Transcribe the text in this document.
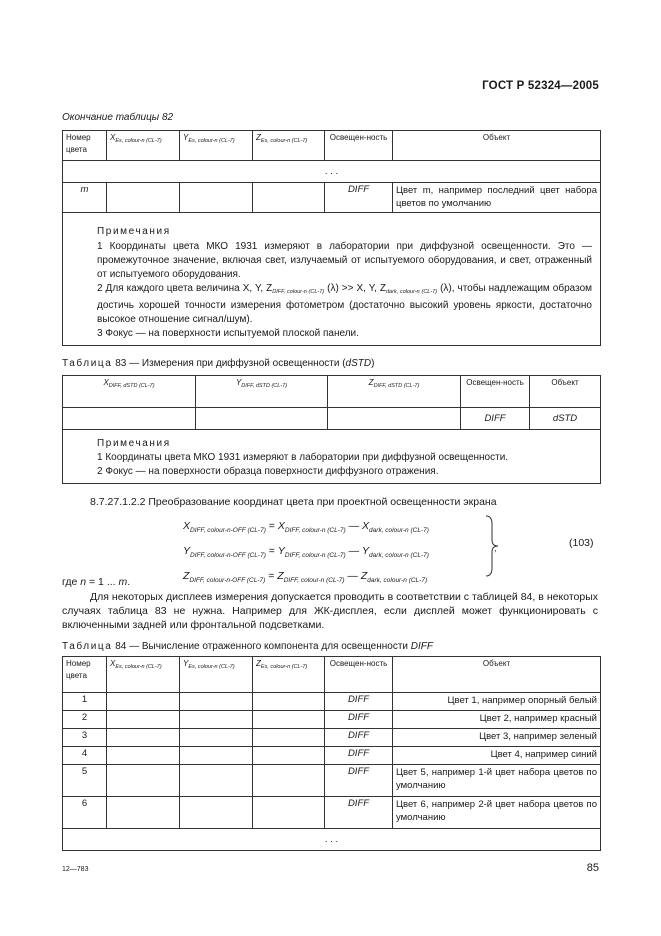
ГОСТ Р 52324—2005
Окончание таблицы 82
Номер цвета	$X_{Es, colour-n (CL-7)}$	$Y_{Es, colour-n (CL-7)}$	$Z_{Es, colour-n (CL-7)}$	Освещен-ность	Объект
. . .					
m				DIFF	Цвет m, например последний цвет набора цветов по умолчанию

Примечания

1 Координаты цвета МКО 1931 измеряют в лаборатории при диффузной освещенности. Это — промежуточное значение, включая свет, излучаемый от испытуемого оборудования, и свет, отраженный от испытуемого оборудования.

2 Для каждого цвета величина X, Y, $Z_{DIFF, colour-n (CL-7)}$ (λ) >> X, Y, $Z_{dark, colour-n (CL-7)}$ (λ), чтобы надлежащим образом достичь хорошей точности измерения фотометром (достаточно высокий уровень яркости, достаточно высокое отношение сигнал/шум).

3 Фокус — на поверхности испытуемой плоской панели.					

Таблица 83 — Измерения при диффузной освещенности (dSTD)
$X_{DIFF, dSTD (CL-7)}$	$Y_{DIFF, dSTD (CL-7)}$	$Z_{DIFF, dSTD (CL-7)}$	Освещен-ность	Объект
			DIFF	dSTD

Примечания

1 Координаты цвета МКО 1931 измеряют в лаборатории при диффузной освещенности.

2 Фокус — на поверхности образца поверхности диффузного отражения.				

8.7.27.1.2.2 Преобразование координат цвета при проектной освещенности экрана
$X_{DIFF, colour-n-OFF (CL-7)} = X_{DIFF, colour-n (CL-7)}$ — $X_{dark, colour-n (CL-7)}$
$Y_{DIFF, colour-n-OFF (CL-7)} = Y_{DIFF, colour-n (CL-7)}$ — $Y_{dark, colour-n (CL-7)}$
$Z_{DIFF, colour-n-OFF (CL-7)} = Z_{DIFF, colour-n (CL-7)}$ — $Z_{dark, colour-n (CL-7)}$
,	(103)
где n = 1 ... m.
Для некоторых дисплеев измерения допускается проводить в соответствии с таблицей 84, в некоторых случаях таблица 83 не нужна. Например для ЖК-дисплея, если дисплей может функционировать с включенными задней или фронтальной подсветками.
Таблица 84 — Вычисление отраженного компонента для освещенности DIFF
Номер цвета	$X_{Es, colour-n (CL-7)}$	$Y_{Es, colour-n (CL-7)}$	$Z_{Es, colour-n (CL-7)}$	Освещен-ность	Объект
1				DIFF	Цвет 1, например опорный белый
2				DIFF	Цвет 2, например красный
3				DIFF	Цвет 3, например зеленый
4				DIFF	Цвет 4, например синий
5				DIFF	Цвет 5, например 1-й цвет набора цветов по умолчанию
6				DIFF	Цвет 6, например 2-й цвет набора цветов по умолчанию
. . .					
12—783	85
